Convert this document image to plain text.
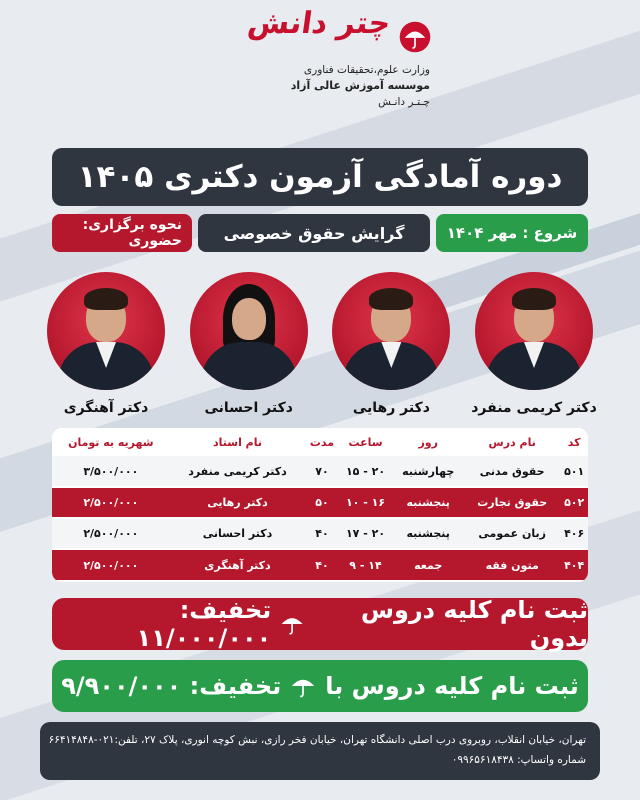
چتر دانش
وزارت علوم،تحقیقات فناوری
موسسه آموزش عالی آزاد
چـتـر دانـش
دوره آمادگی آزمون دکتری ۱۴۰۵
شروع : مهر ۱۴۰۴
گرایش حقوق خصوصی
نحوه برگزاری: حضوری
دکتر کریمی منفرد
دکتر رهایی
دکتر احسانی
دکتر آهنگری
کد	نام درس	روز	ساعت	مدت	نام استاد	شهریه به تومان
۵۰۱	حقوق مدنی	چهارشنبه	۲۰ - ۱۵	۷۰	دکتر کریمی منفرد	۳/۵۰۰/۰۰۰
۵۰۲	حقوق تجارت	پنجشنبه	۱۶ - ۱۰	۵۰	دکتر رهایی	۲/۵۰۰/۰۰۰
۴۰۶	زبان عمومی	پنجشنبه	۲۰ - ۱۷	۴۰	دکتر احسانی	۲/۵۰۰/۰۰۰
۴۰۴	متون فقه	جمعه	۱۴ - ۹	۴۰	دکتر آهنگری	۲/۵۰۰/۰۰۰
ثبت نام کلیه دروس بدون
تخفیف: ۱۱/۰۰۰/۰۰۰
ثبت نام کلیه دروس با
تخفیف: ۹/۹۰۰/۰۰۰
تهران، خیابان انقلاب، روبروی درب اصلی دانشگاه تهران، خیابان فخر رازی، نبش کوچه انوری، پلاک ۲۷، تلفن:۰۲۱-۶۶۴۱۴۸۴۸
شماره واتساپ: ۰۹۹۶۵۶۱۸۴۳۸
